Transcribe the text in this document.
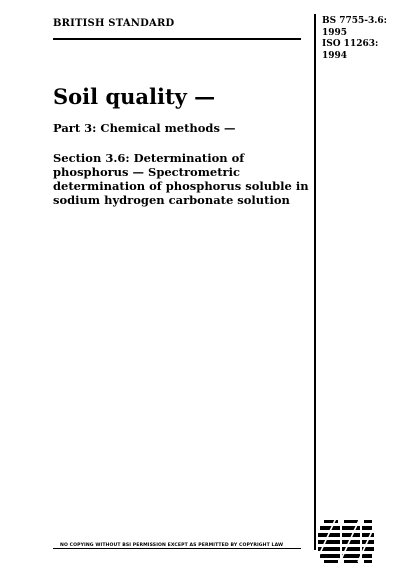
BRITISH STANDARD	BS 7755-3.6:
1995
ISO 11263:
1994
Soil quality —
Part 3: Chemical methods —
Section 3.6: Determination of phosphorus — Spectrometric determination of phosphorus soluble in sodium hydrogen carbonate solution
NO COPYING WITHOUT BSI PERMISSION EXCEPT AS PERMITTED BY COPYRIGHT LAW
